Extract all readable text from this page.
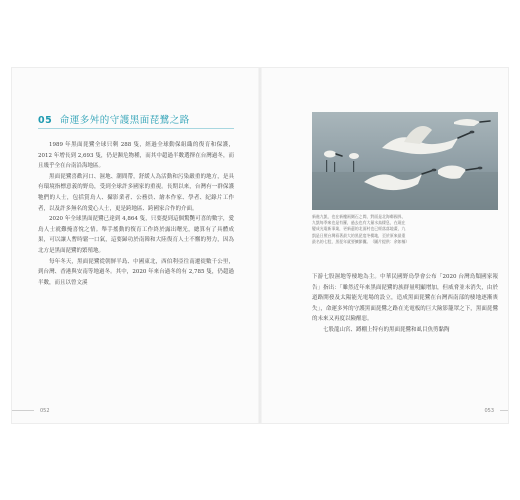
05 命運多舛的守護黑面琵鷺之路

1989 年黑面琵鷺全球只剩 288 隻，經過全球動保組織的復育和保護，2012 年增長到 2,693 隻，仍是瀕危物種，而其中超過半數選擇在台灣過冬，而且幾乎全在台南沿海地區。

黑面琵鷺喜歡河口、濕地、潮間帶，舒緩人為活動和污染嚴重的地方，是具有環境指標意義的野鳥，受到全球許多國家的重視。長期以來，台灣有一群保護牠們的人士，包括賞鳥人、攝影業者、公務員、繪本作家、學者、紀錄片工作者，以及許多無名的愛心人士，更是跨地區、跨國家合作的介面。

2020 年全球黑面琵鷺已達到 4,864 隻，只要提到這個驚艷可喜的數字，愛鳥人士就難掩喜悅之情。舉手搖動的復育工作終於露出曙光，總算有了具體成果，可以讓人暫時鬆一口氣，這要歸功於南韓和大陸復育人士不懈的努力，因為北方是黑面琵鷺的繁殖地。

每年冬天，黑面琵鷺從朝鮮半島、中國東北，西伯利亞往南遷徙數千公里，到台灣、香港與安南等地過冬。其中，2020 年來台過冬的有 2,785 隻，仍超過半數，而且以曾文溪

052
新進九凱，也在新樓兩側石之間，對面是北海鄰國界，九凱每季來也是有羅，過去也有大量水鳥棲息，在現在變成光電新事業，更新還的北面村也已經落落地畫，九凱是日照台灣看著最大的黑琵度冬棲地，至於原來最重最名的七股，黑琵年就要擴節囊。（圖片提供：余如楠）

下游七股濕地等棲地為主。中華民國野鳥學會公布「2020 台灣鳥類國家報告」指出：「雖然近年來黑面琵鷺的族群量明顯增加，但威脅並未消失，由於道路開發及太陽能光電場的設立，造成黑面琵鷺在台灣西南部的棲地逐漸喪失」，命運多舛的守護黑面琵鷺之路在光電板的巨大險影籠罩之下，黑面琵鷺的未來又再度以險醒惡。

七股龍山宮、蹲棚上特有的黑面琵鷺和虱目魚剪黏陶

053
